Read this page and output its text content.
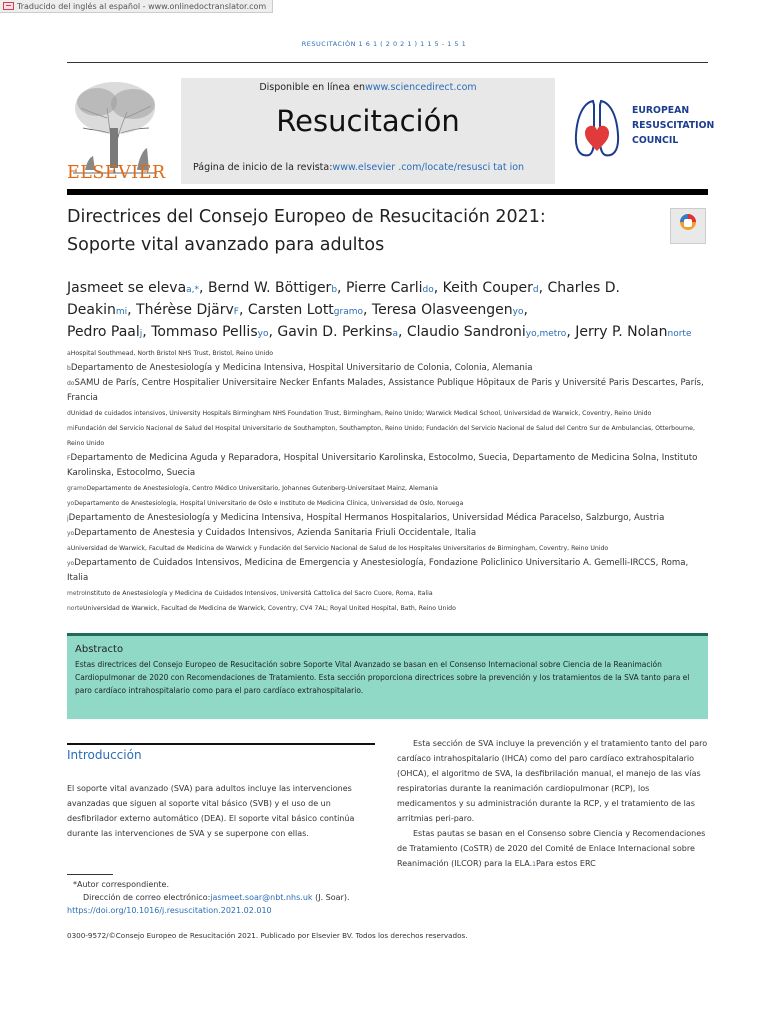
Traducido del inglés al español - www.onlinedoctranslator.com
RESUCITACIÓN 1 6 1 ( 2 0 2 1 ) 1 1 5 - 1 5 1
ELSEVIER
Disponible en línea enwww.sciencedirect.com
Resucitación
Página de inicio de la revista:www.elsevier .com/locate/resusci tat ion
EUROPEAN
RESUSCITATION
COUNCIL
Directrices del Consejo Europeo de Resucitación 2021:
Soporte vital avanzado para adultos
Jasmeet se elevaa,*, Bernd W. Böttigerb, Pierre Carlido, Keith Couperd, Charles D.
Deakinmi, Thérèse DjärvF, Carsten Lottgramo, Teresa Olasveengenyo,
Pedro Paalj, Tommaso Pellisyo, Gavin D. Perkinsa, Claudio Sandroniyo,metro, Jerry P. Nolannorte
aHospital Southmead, North Bristol NHS Trust, Bristol, Reino Unido
bDepartamento de Anestesiología y Medicina Intensiva, Hospital Universitario de Colonia, Colonia, Alemania
doSAMU de París, Centre Hospitalier Universitaire Necker Enfants Malades, Assistance Publique Hôpitaux de Paris y Université Paris Descartes, París, Francia
dUnidad de cuidados intensivos, University Hospitals Birmingham NHS Foundation Trust, Birmingham, Reino Unido; Warwick Medical School, Universidad de Warwick, Coventry, Reino Unido
miFundación del Servicio Nacional de Salud del Hospital Universitario de Southampton, Southampton, Reino Unido; Fundación del Servicio Nacional de Salud del Centro Sur de Ambulancias, Otterbourne, Reino Unido
FDepartamento de Medicina Aguda y Reparadora, Hospital Universitario Karolinska, Estocolmo, Suecia, Departamento de Medicina Solna, Instituto Karolinska, Estocolmo, Suecia
gramoDepartamento de Anestesiología, Centro Médico Universitario, Johannes Gutenberg-Universitaet Mainz, Alemania
yoDepartamento de Anestesiología, Hospital Universitario de Oslo e Instituto de Medicina Clínica, Universidad de Oslo, Noruega
jDepartamento de Anestesiología y Medicina Intensiva, Hospital Hermanos Hospitalarios, Universidad Médica Paracelso, Salzburgo, Austria
yoDepartamento de Anestesia y Cuidados Intensivos, Azienda Sanitaria Friuli Occidentale, Italia
aUniversidad de Warwick, Facultad de Medicina de Warwick y Fundación del Servicio Nacional de Salud de los Hospitales Universitarios de Birmingham, Coventry, Reino Unido
yoDepartamento de Cuidados Intensivos, Medicina de Emergencia y Anestesiología, Fondazione Policlinico Universitario A. Gemelli-IRCCS, Roma, Italia
metroInstituto de Anestesiología y Medicina de Cuidados Intensivos, Università Cattolica del Sacro Cuore, Roma, Italia
norteUniversidad de Warwick, Facultad de Medicina de Warwick, Coventry, CV4 7AL; Royal United Hospital, Bath, Reino Unido
Abstracto
Estas directrices del Consejo Europeo de Resucitación sobre Soporte Vital Avanzado se basan en el Consenso Internacional sobre Ciencia de la Reanimación Cardiopulmonar de 2020 con Recomendaciones de Tratamiento. Esta sección proporciona directrices sobre la prevención y los tratamientos de la SVA tanto para el paro cardíaco intrahospitalario como para el paro cardíaco extrahospitalario.
Introducción
El soporte vital avanzado (SVA) para adultos incluye las intervenciones avanzadas que siguen al soporte vital básico (SVB) y el uso de un desfibrilador externo automático (DEA). El soporte vital básico continúa durante las intervenciones de SVA y se superpone con ellas.

Esta sección de SVA incluye la prevención y el tratamiento tanto del paro cardíaco intrahospitalario (IHCA) como del paro cardíaco extrahospitalario (OHCA), el algoritmo de SVA, la desfibrilación manual, el manejo de las vías respiratorias durante la reanimación cardiopulmonar (RCP), los medicamentos y su administración durante la RCP, y el tratamiento de las arritmias peri-paro.

Estas pautas se basan en el Consenso sobre Ciencia y Recomendaciones de Tratamiento (CoSTR) de 2020 del Comité de Enlace Internacional sobre Reanimación (ILCOR) para la ELA.1Para estos ERC

*Autor correspondiente.
Dirección de correo electrónico:jasmeet.soar@nbt.nhs.uk (J. Soar). https://doi.org/10.1016/j.resuscitation.2021.02.010
0300-9572/©Consejo Europeo de Resucitación 2021. Publicado por Elsevier BV. Todos los derechos reservados.
